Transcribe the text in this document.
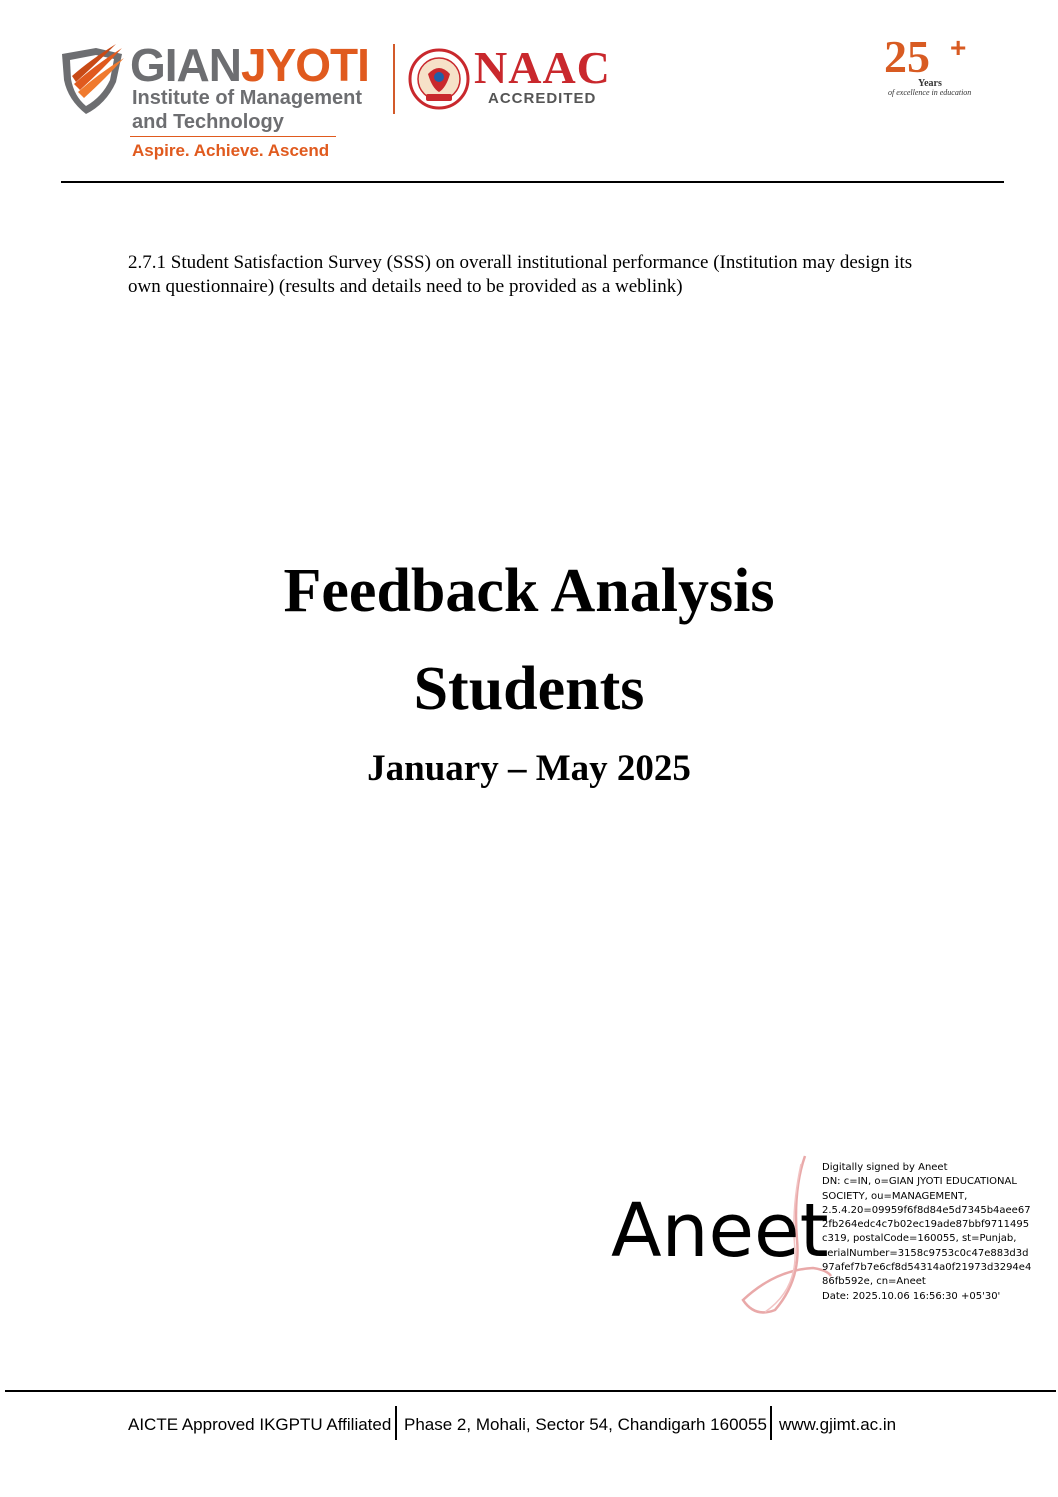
GIANJYOTI
Institute of Management
and Technology
Aspire. Achieve. Ascend
NAAC
ACCREDITED
25 +
Years
of excellence in education
2.7.1 Student Satisfaction Survey (SSS) on overall institutional performance (Institution may design its own questionnaire) (results and details need to be provided as a weblink)
Feedback Analysis
Students
January – May 2025
Aneet
Digitally signed by Aneet
DN: c=IN, o=GIAN JYOTI EDUCATIONAL
SOCIETY, ou=MANAGEMENT,
2.5.4.20=09959f6f8d84e5d7345b4aee67
2fb264edc4c7b02ec19ade87bbf9711495
c319, postalCode=160055, st=Punjab,
serialNumber=3158c9753c0c47e883d3d
97afef7b7e6cf8d54314a0f21973d3294e4
86fb592e, cn=Aneet
Date: 2025.10.06 16:56:30 +05'30'
AICTE Approved IKGPTU Affiliated Phase 2, Mohali, Sector 54, Chandigarh 160055 www.gjimt.ac.in
